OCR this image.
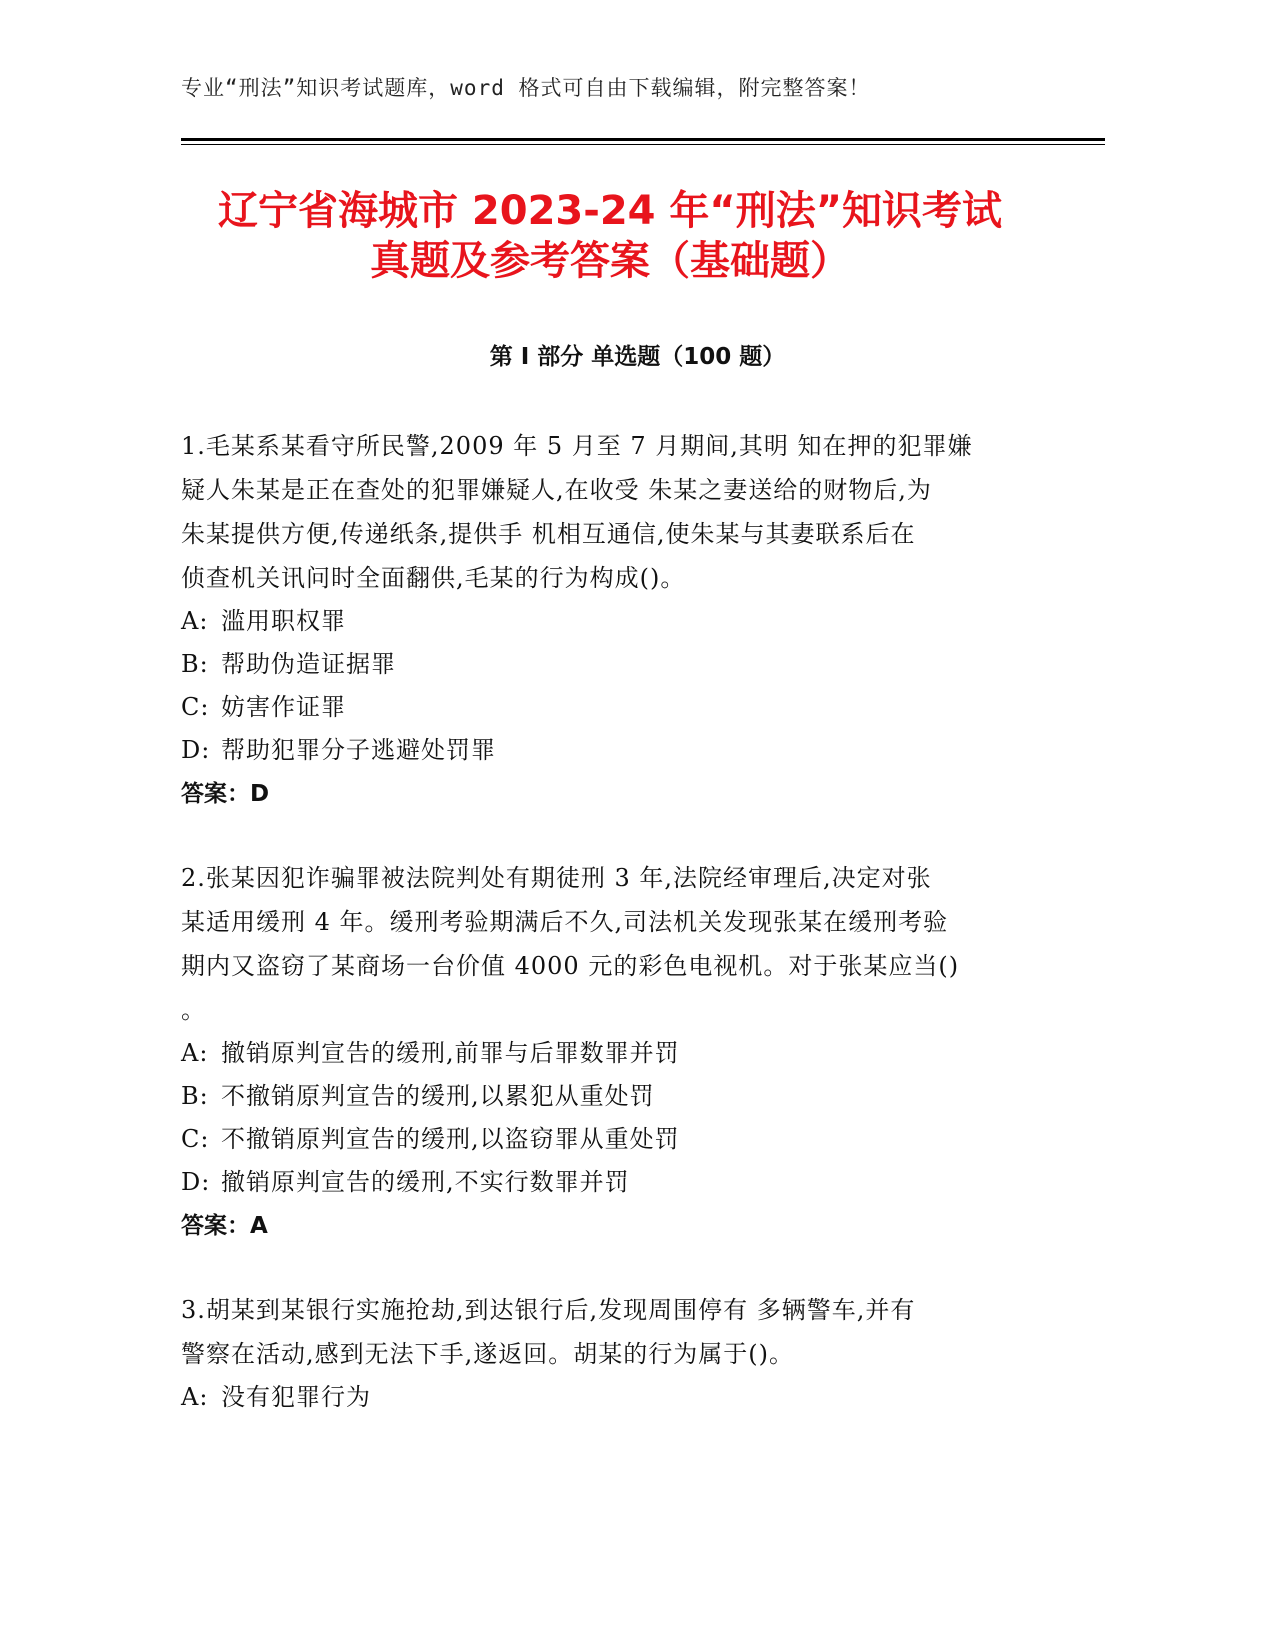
专业“刑法”知识考试题库，word 格式可自由下载编辑，附完整答案！
辽宁省海城市 2023-24 年“刑法”知识考试
真题及参考答案（基础题）
第 I 部分 单选题（100 题）

1.毛某系某看守所民警,2009 年 5 月至 7 月期间,其明 知在押的犯罪嫌

疑人朱某是正在查处的犯罪嫌疑人,在收受 朱某之妻送给的财物后,为

朱某提供方便,传递纸条,提供手 机相互通信,使朱某与其妻联系后在

侦查机关讯问时全面翻供,毛某的行为构成()。

A: 滥用职权罪

B: 帮助伪造证据罪

C: 妨害作证罪

D: 帮助犯罪分子逃避处罚罪

答案：D

2.张某因犯诈骗罪被法院判处有期徒刑 3 年,法院经审理后,决定对张

某适用缓刑 4 年。缓刑考验期满后不久,司法机关发现张某在缓刑考验

期内又盗窃了某商场一台价值 4000 元的彩色电视机。对于张某应当()

。

A: 撤销原判宣告的缓刑,前罪与后罪数罪并罚

B: 不撤销原判宣告的缓刑,以累犯从重处罚

C: 不撤销原判宣告的缓刑,以盗窃罪从重处罚

D: 撤销原判宣告的缓刑,不实行数罪并罚

答案：A

3.胡某到某银行实施抢劫,到达银行后,发现周围停有 多辆警车,并有

警察在活动,感到无法下手,遂返回。胡某的行为属于()。

A: 没有犯罪行为
